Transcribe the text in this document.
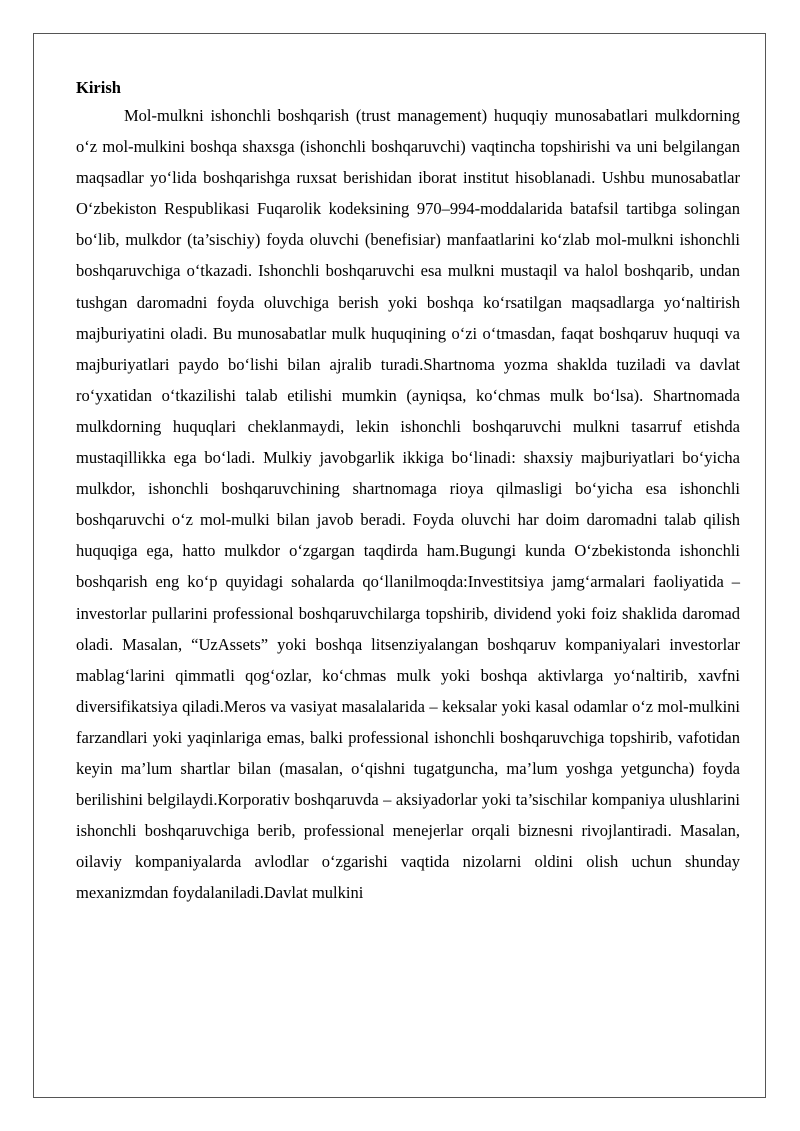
Kirish

Mol-mulkni ishonchli boshqarish (trust management) huquqiy munosabatlari mulkdorning o‘z mol-mulkini boshqa shaxsga (ishonchli boshqaruvchi) vaqtincha topshirishi va uni belgilangan maqsadlar yo‘lida boshqarishga ruxsat berishidan iborat institut hisoblanadi. Ushbu munosabatlar O‘zbekiston Respublikasi Fuqarolik kodeksining 970–994-moddalarida batafsil tartibga solingan bo‘lib, mulkdor (ta’sischiy) foyda oluvchi (benefisiar) manfaatlarini ko‘zlab mol-mulkni ishonchli boshqaruvchiga o‘tkazadi. Ishonchli boshqaruvchi esa mulkni mustaqil va halol boshqarib, undan tushgan daromadni foyda oluvchiga berish yoki boshqa ko‘rsatilgan maqsadlarga yo‘naltirish majburiyatini oladi. Bu munosabatlar mulk huquqining o‘zi o‘tmasdan, faqat boshqaruv huquqi va majburiyatlari paydo bo‘lishi bilan ajralib turadi.Shartnoma yozma shaklda tuziladi va davlat ro‘yxatidan o‘tkazilishi talab etilishi mumkin (ayniqsa, ko‘chmas mulk bo‘lsa). Shartnomada mulkdorning huquqlari cheklanmaydi, lekin ishonchli boshqaruvchi mulkni tasarruf etishda mustaqillikka ega bo‘ladi. Mulkiy javobgarlik ikkiga bo‘linadi: shaxsiy majburiyatlari bo‘yicha mulkdor, ishonchli boshqaruvchining shartnomaga rioya qilmasligi bo‘yicha esa ishonchli boshqaruvchi o‘z mol-mulki bilan javob beradi. Foyda oluvchi har doim daromadni talab qilish huquqiga ega, hatto mulkdor o‘zgargan taqdirda ham.Bugungi kunda O‘zbekistonda ishonchli boshqarish eng ko‘p quyidagi sohalarda qo‘llanilmoqda:Investitsiya jamg‘armalari faoliyatida – investorlar pullarini professional boshqaruvchilarga topshirib, dividend yoki foiz shaklida daromad oladi. Masalan, “UzAssets” yoki boshqa litsenziyalangan boshqaruv kompaniyalari investorlar mablag‘larini qimmatli qog‘ozlar, ko‘chmas mulk yoki boshqa aktivlarga yo‘naltirib, xavfni diversifikatsiya qiladi.Meros va vasiyat masalalarida – keksalar yoki kasal odamlar o‘z mol-mulkini farzandlari yoki yaqinlariga emas, balki professional ishonchli boshqaruvchiga topshirib, vafotidan keyin ma’lum shartlar bilan (masalan, o‘qishni tugatguncha, ma’lum yoshga yetguncha) foyda berilishini belgilaydi.Korporativ boshqaruvda – aksiyadorlar yoki ta’sischilar kompaniya ulushlarini ishonchli boshqaruvchiga berib, professional menejerlar orqali biznesni rivojlantiradi. Masalan, oilaviy kompaniyalarda avlodlar o‘zgarishi vaqtida nizolarni oldini olish uchun shunday mexanizmdan foydalaniladi.Davlat mulkini
